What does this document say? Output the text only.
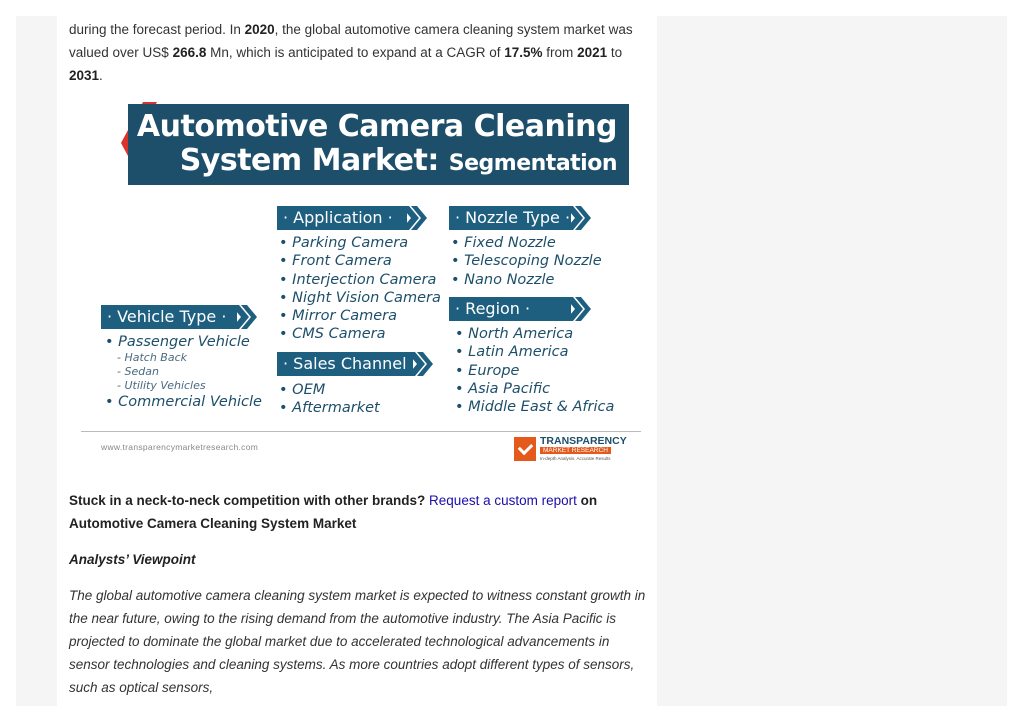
during the forecast period. In 2020, the global automotive camera cleaning system market was valued over US$ 266.8 Mn, which is anticipated to expand at a CAGR of 17.5% from 2021 to 2031.

Automotive Camera Cleaning
System Market: Segmentation
· Application ·
• Parking Camera
• Front Camera
• Interjection Camera
• Night Vision Camera
• Mirror Camera
• CMS Camera
· Nozzle Type ·
• Fixed Nozzle
• Telescoping Nozzle
• Nano Nozzle
· Region ·
• North America
• Latin America
• Europe
• Asia Pacific
• Middle East & Africa
· Vehicle Type ·
• Passenger Vehicle
- Hatch Back
- Sedan
- Utility Vehicles
• Commercial Vehicle
· Sales Channel ·
• OEM
• Aftermarket
www.transparencymarketresearch.com	TRANSPARENCY
MARKET RESEARCH
In-depth Analysis. Accurate Results

Stuck in a neck-to-neck competition with other brands? Request a custom report on Automotive Camera Cleaning System Market

Analysts’ Viewpoint

The global automotive camera cleaning system market is expected to witness constant growth in the near future, owing to the rising demand from the automotive industry. The Asia Pacific is projected to dominate the global market due to accelerated technological advancements in sensor technologies and cleaning systems. As more countries adopt different types of sensors, such as optical sensors,
